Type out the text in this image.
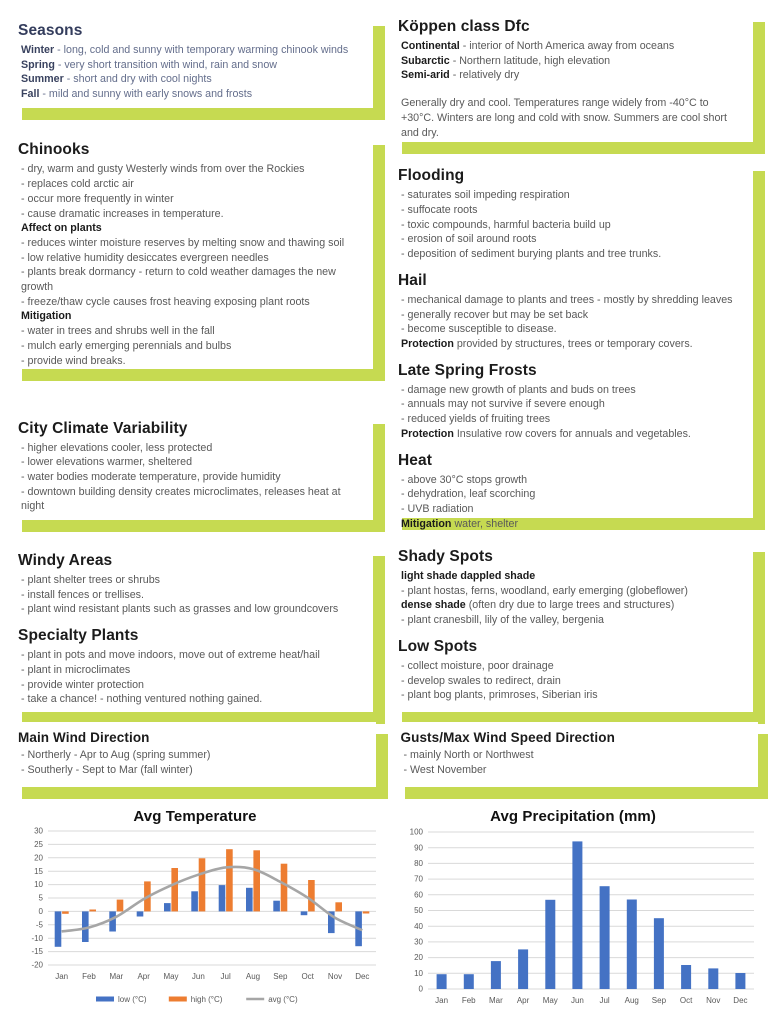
Seasons
Winter - long, cold and sunny with temporary warming chinook winds
Spring - very short transition with wind, rain and snow
Summer - short and dry with cool nights
Fall - mild and sunny with early snows and frosts
Chinooks
- dry, warm and gusty Westerly winds from over the Rockies
- replaces cold arctic air
- occur more frequently in winter
- cause dramatic increases in temperature.
Affect on plants
- reduces winter moisture reserves by melting snow and thawing soil
- low relative humidity desiccates evergreen needles
- plants break dormancy - return to cold weather damages the new growth
- freeze/thaw cycle causes frost heaving exposing plant roots
Mitigation
- water in trees and shrubs well in the fall
- mulch early emerging perennials and bulbs
- provide wind breaks.
City Climate Variability
- higher elevations cooler, less protected
- lower elevations warmer, sheltered
- water bodies moderate temperature, provide humidity
- downtown building density creates microclimates, releases heat at night
Windy Areas
- plant shelter trees or shrubs
- install fences or trellises.
- plant wind resistant plants such as grasses and low groundcovers
Specialty Plants
- plant in pots and move indoors, move out of extreme heat/hail
- plant in microclimates
- provide winter protection
- take a chance! - nothing ventured nothing gained.
Köppen class Dfc
Continental - interior of North America away from oceans
Subarctic - Northern latitude, high elevation
Semi-arid - relatively dry
Generally dry and cool. Temperatures range widely from -40°C to +30°C. Winters are long and cold with snow. Summers are cool short and dry.
Flooding
- saturates soil impeding respiration
- suffocate roots
- toxic compounds, harmful bacteria build up
- erosion of soil around roots
- deposition of sediment burying plants and tree trunks.
Hail
- mechanical damage to plants and trees - mostly by shredding leaves
- generally recover but may be set back
- become susceptible to disease.
Protection provided by structures, trees or temporary covers.
Late Spring Frosts
- damage new growth of plants and buds on trees
- annuals may not survive if severe enough
- reduced yields of fruiting trees
Protection Insulative row covers for annuals and vegetables.
Heat
- above 30°C stops growth
- dehydration, leaf scorching
- UVB radiation
Mitigation water, shelter
Shady Spots
light shade dappled shade
- plant hostas, ferns, woodland, early emerging (globeflower)
dense shade (often dry due to large trees and structures)
- plant cranesbill, lily of the valley, bergenia
Low Spots
- collect moisture, poor drainage
- develop swales to redirect, drain
- plant bog plants, primroses, Siberian iris
Main Wind Direction
- Northerly - Apr to Aug (spring summer)
- Southerly - Sept to Mar (fall winter)
Gusts/Max Wind Speed Direction
- mainly North or Northwest
- West November
Avg Temperature
30
25
20
15
10
5
0
-5
-10
-15
-20
Jan Feb Mar Apr May Jun Jul Aug Sep Oct Nov Dec
low (°C)	high (°C)	avg (°C)
Avg Precipitation (mm)
100
90
80
70
60
50
40
30
20
10
0
Jan Feb Mar Apr May Jun Jul Aug Sep Oct Nov Dec
